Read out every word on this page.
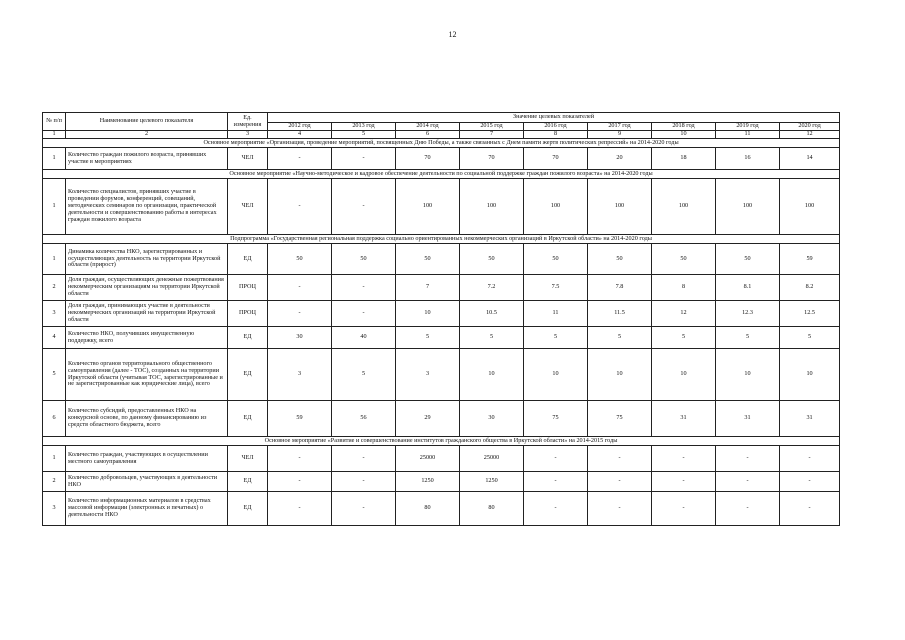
12
№ п/п	Наименование целевого показателя	Ед. измерения	Значение целевых показателей								
			2012 год	2013 год	2014 год	2015 год	2016 год	2017 год	2018 год	2019 год	2020 год
1	2	3	4	5	6	7	8	9	10	11	12
Основное мероприятие «Организация, проведение мероприятий, посвященных Дню Победы, а также связанных с Днем памяти жертв политических репрессий» на 2014-2020 годы											
1	Количество граждан пожилого возраста, принявших участие в мероприятиях	ЧЕЛ	-	-	70	70	70	20	18	16	14
Основное мероприятие «Научно-методическое и кадровое обеспечение деятельности по социальной поддержке граждан пожилого возраста» на 2014-2020 годы											
1	Количество специалистов, принявших участие в проведении форумов, конференций, совещаний, методических семинаров по организации, практической деятельности и совершенствованию работы в интересах граждан пожилого возраста	ЧЕЛ	-	-	100	100	100	100	100	100	100
Подпрограмма «Государственная региональная поддержка социально ориентированных некоммерческих организаций в Иркутской области» на 2014-2020 годы											
1	Динамика количества НКО, зарегистрированных и осуществляющих деятельность на территории Иркутской области (прирост)	ЕД	50	50	50	50	50	50	50	50	59
2	Доля граждан, осуществляющих денежные пожертвования некоммерческим организациям на территории Иркутской области	ПРОЦ	-	-	7	7.2	7.5	7.8	8	8.1	8.2
3	Доля граждан, принимающих участие в деятельности некоммерческих организаций на территории Иркутской области	ПРОЦ	-	-	10	10.5	11	11.5	12	12.3	12.5
4	Количество НКО, получивших имущественную поддержку, всего	ЕД	30	40	5	5	5	5	5	5	5
5	Количество органов территориального общественного самоуправления (далее - ТОС), созданных на территории Иркутской области (учитывая ТОС, зарегистрированные и не зарегистрированные как юридические лица), всего	ЕД	3	5	3	10	10	10	10	10	10
6	Количество субсидий, предоставленных НКО на конкурсной основе, по данному финансированию из средств областного бюджета, всего	ЕД	59	56	29	30	75	75	31	31	31
Основное мероприятие «Развитие и совершенствование институтов гражданского общества в Иркутской области» на 2014-2015 годы											
1	Количество граждан, участвующих в осуществлении местного самоуправления	ЧЕЛ	-	-	25000	25000	-	-	-	-	-
2	Количество добровольцев, участвующих в деятельности НКО	ЕД	-	-	1250	1250	-	-	-	-	-
3	Количество информационных материалов в средствах массовой информации (электронных и печатных) о деятельности НКО	ЕД	-	-	80	80	-	-	-	-	-
